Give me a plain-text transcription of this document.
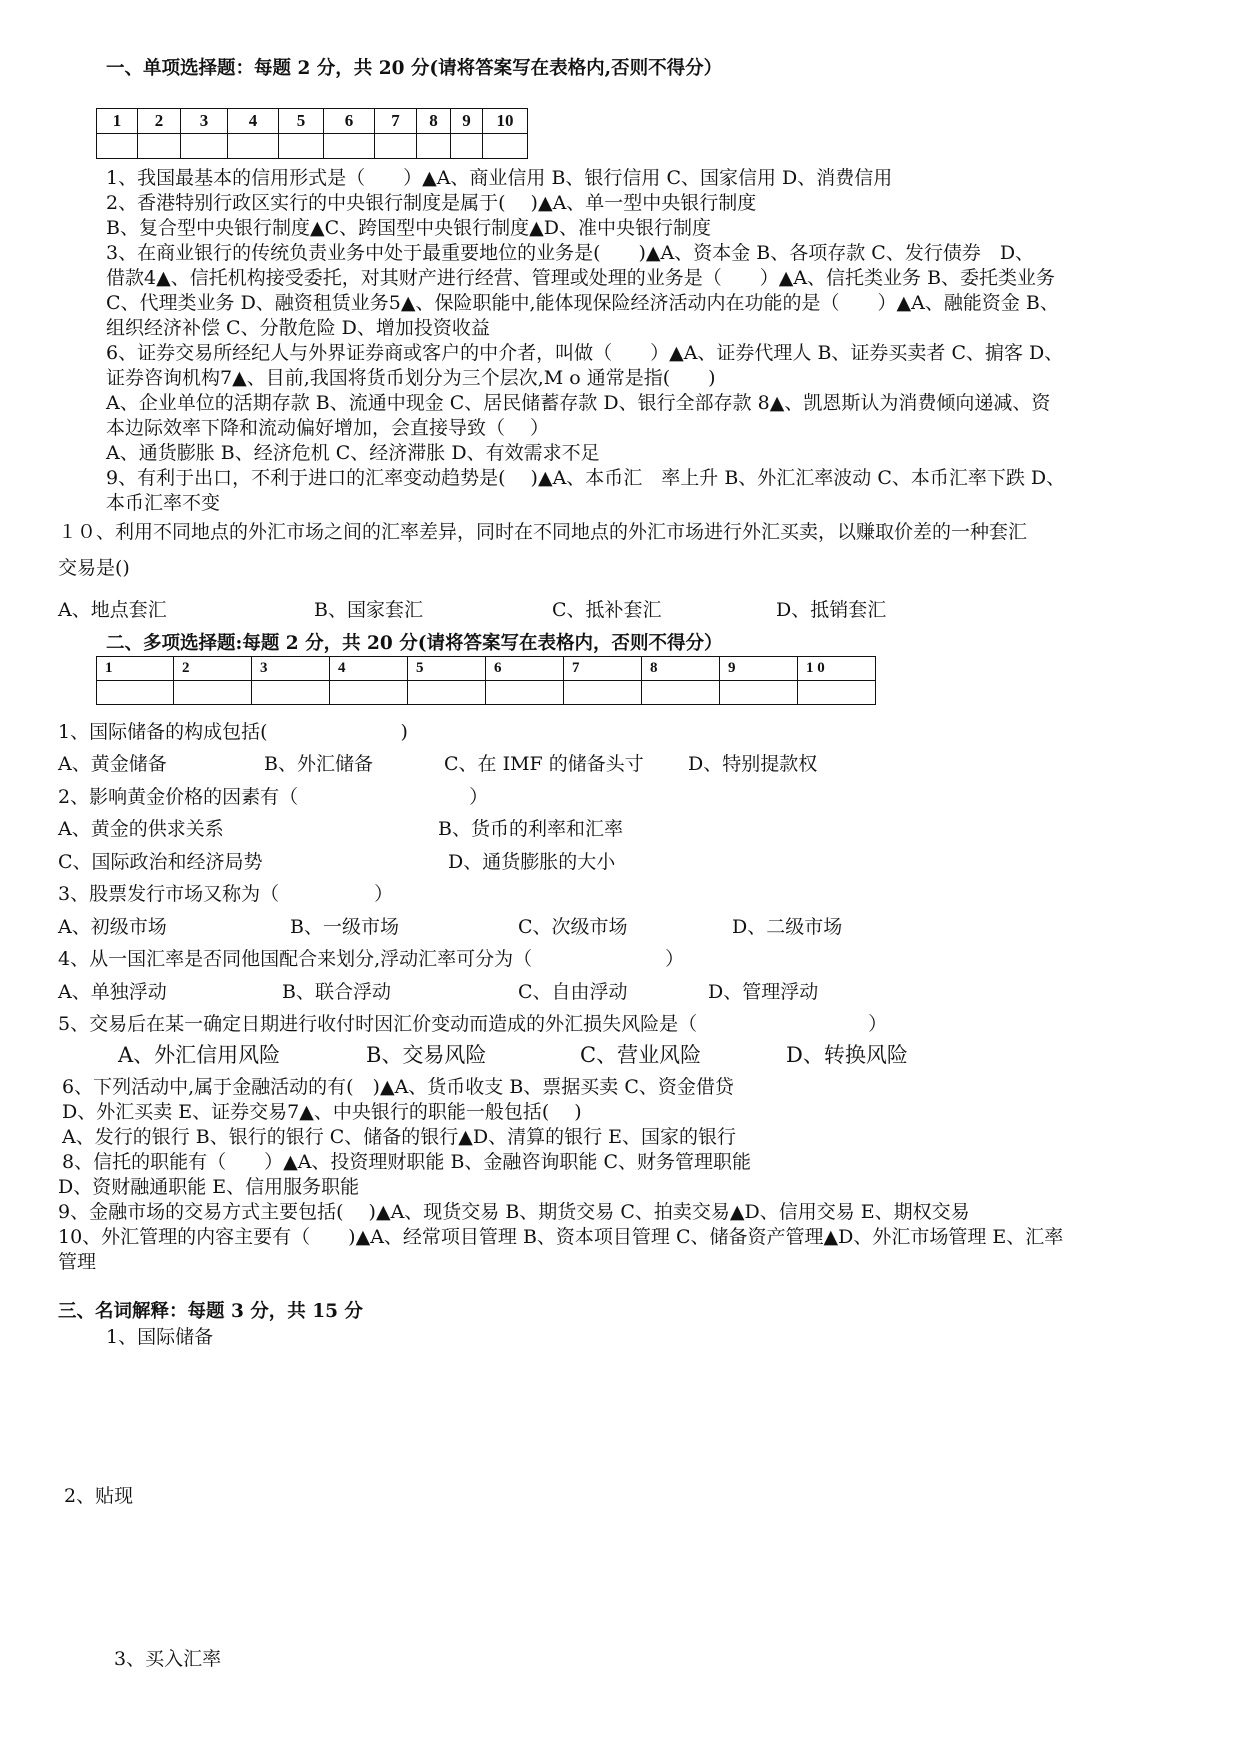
一、单项选择题：每题 2 分，共 20 分(请将答案写在表格内,否则不得分）
1	2	3	4	5	6	7	8	9	10

1、我国最基本的信用形式是（　　）▲A、商业信用 B、银行信用 C、国家信用 D、消费信用
2、香港特别行政区实行的中央银行制度是属于(　 )▲A、单一型中央银行制度
B、复合型中央银行制度▲C、跨国型中央银行制度▲D、准中央银行制度
3、在商业银行的传统负责业务中处于最重要地位的业务是(　　)▲A、资本金 B、各项存款 C、发行债券　D、
借款4▲、信托机构接受委托，对其财产进行经营、管理或处理的业务是（　　）▲A、信托类业务 B、委托类业务
C、代理类业务 D、融资租赁业务5▲、保险职能中,能体现保险经济活动内在功能的是（　　）▲A、融能资金 B、
组织经济补偿 C、分散危险 D、增加投资收益
6、证券交易所经纪人与外界证券商或客户的中介者，叫做（　　）▲A、证券代理人 B、证券买卖者 C、掮客 D、
证券咨询机构7▲、目前,我国将货币划分为三个层次,M o 通常是指(　　)
A、企业单位的活期存款 B、流通中现金 C、居民储蓄存款 D、银行全部存款 8▲、凯恩斯认为消费倾向递减、资
本边际效率下降和流动偏好增加，会直接导致（　 ）
A、通货膨胀 B、经济危机 C、经济滞胀 D、有效需求不足
9、有利于出口，不利于进口的汇率变动趋势是(　 )▲A、本币汇　率上升 B、外汇汇率波动 C、本币汇率下跌 D、
本币汇率不变
１０、利用不同地点的外汇市场之间的汇率差异，同时在不同地点的外汇市场进行外汇买卖，以赚取价差的一种套汇
交易是()
A、地点套汇	B、国家套汇	C、抵补套汇	D、抵销套汇
二、多项选择题:每题 2 分，共 20 分(请将答案写在表格内，否则不得分）
1	2	3	4	5	6	7	8	9	1 0

1、国际储备的构成包括(　　　　　　　)
A、黄金储备	B、外汇储备	C、在 IMF 的储备头寸 D、特别提款权
2、影响黄金价格的因素有（　　　　　　　　　）
A、黄金的供求关系	B、货币的利率和汇率
C、国际政治和经济局势	D、通货膨胀的大小
3、股票发行市场又称为（　　　　　）
A、初级市场	B、一级市场	C、次级市场	D、二级市场
4、从一国汇率是否同他国配合来划分,浮动汇率可分为（　　　　　　　）
A、单独浮动	B、联合浮动	C、自由浮动	D、管理浮动
5、交易后在某一确定日期进行收付时因汇价变动而造成的外汇损失风险是（　　　　　　　　　）
A、外汇信用风险	B、交易风险	C、营业风险	D、转换风险
6、下列活动中,属于金融活动的有(　)▲A、货币收支 B、票据买卖 C、资金借贷
D、外汇买卖 E、证券交易7▲、中央银行的职能一般包括(　 )
A、发行的银行 B、银行的银行 C、储备的银行▲D、清算的银行 E、国家的银行
8、信托的职能有（　　）▲A、投资理财职能 B、金融咨询职能 C、财务管理职能
D、资财融通职能 E、信用服务职能
9、金融市场的交易方式主要包括(　 )▲A、现货交易 B、期货交易 C、拍卖交易▲D、信用交易 E、期权交易
10、外汇管理的内容主要有（　　)▲A、经常项目管理 B、资本项目管理 C、储备资产管理▲D、外汇市场管理 E、汇率
管理
三、名词解释：每题 3 分，共 15 分
1、国际储备
2、贴现
3、买入汇率
